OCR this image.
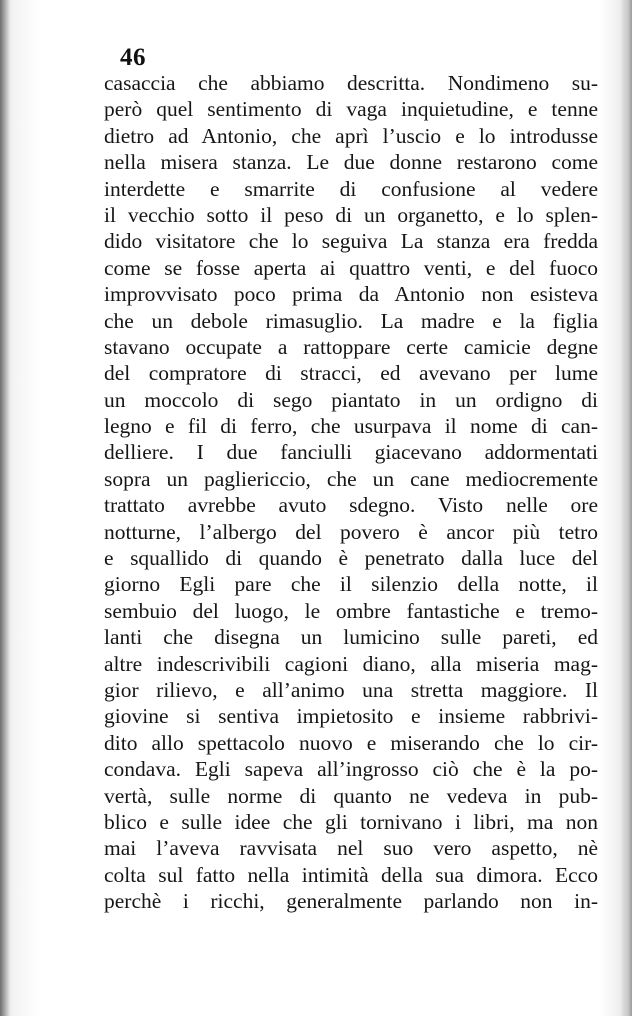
46
casaccia che abbiamo descritta. Nondimeno su-
però quel sentimento di vaga inquietudine, e tenne
dietro ad Antonio, che aprì l’uscio e lo introdusse
nella misera stanza. Le due donne restarono come
interdette e smarrite di confusione al vedere
il vecchio sotto il peso di un organetto, e lo splen-
dido visitatore che lo seguiva La stanza era fredda
come se fosse aperta ai quattro venti, e del fuoco
improvvisato poco prima da Antonio non esisteva
che un debole rimasuglio. La madre e la figlia
stavano occupate a rattoppare certe camicie degne
del compratore di stracci, ed avevano per lume
un moccolo di sego piantato in un ordigno di
legno e fil di ferro, che usurpava il nome di can-
delliere. I due fanciulli giacevano addormentati
sopra un pagliericcio, che un cane mediocremente
trattato avrebbe avuto sdegno. Visto nelle ore
notturne, l’albergo del povero è ancor più tetro
e squallido di quando è penetrato dalla luce del
giorno Egli pare che il silenzio della notte, il
sembuio del luogo, le ombre fantastiche e tremo-
lanti che disegna un lumicino sulle pareti, ed
altre indescrivibili cagioni diano, alla miseria mag-
gior rilievo, e all’animo una stretta maggiore. Il
giovine si sentiva impietosito e insieme rabbrivi-
dito allo spettacolo nuovo e miserando che lo cir-
condava. Egli sapeva all’ingrosso ciò che è la po-
vertà, sulle norme di quanto ne vedeva in pub-
blico e sulle idee che gli tornivano i libri, ma non
mai l’aveva ravvisata nel suo vero aspetto, nè
colta sul fatto nella intimità della sua dimora. Ecco
perchè i ricchi, generalmente parlando non in-
